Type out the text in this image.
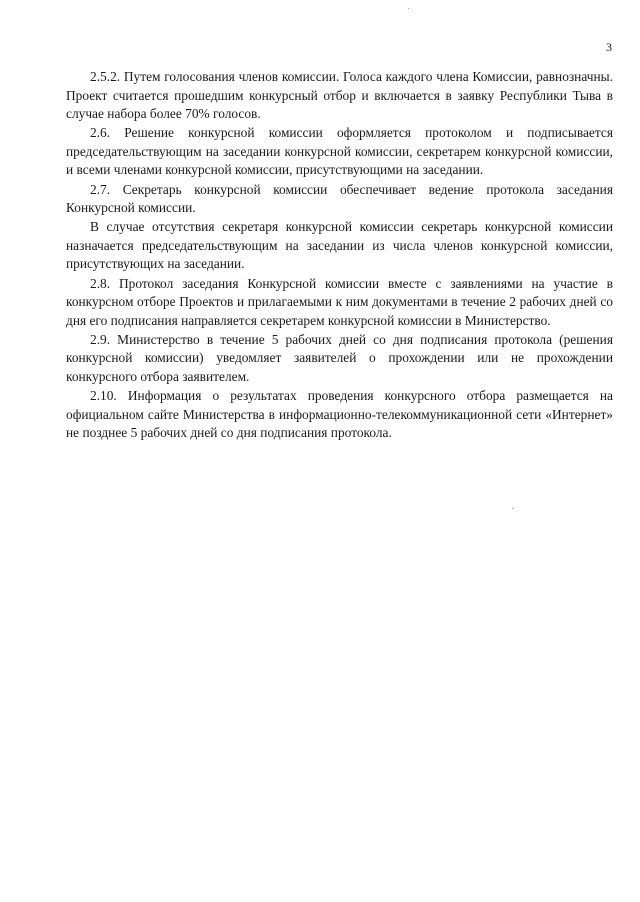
3

2.5.2. Путем голосования членов комиссии. Голоса каждого члена Комиссии, равнозначны. Проект считается прошедшим конкурсный отбор и включается в заявку Республики Тыва в случае набора более 70% голосов.

2.6. Решение конкурсной комиссии оформляется протоколом и подписывается председательствующим на заседании конкурсной комиссии, секретарем конкурсной комиссии, и всеми членами конкурсной комиссии, присутствующими на заседании.

2.7. Секретарь конкурсной комиссии обеспечивает ведение протокола заседания Конкурсной комиссии.

В случае отсутствия секретаря конкурсной комиссии секретарь конкурсной комиссии назначается председательствующим на заседании из числа членов конкурсной комиссии, присутствующих на заседании.

2.8. Протокол заседания Конкурсной комиссии вместе с заявлениями на участие в конкурсном отборе Проектов и прилагаемыми к ним документами в течение 2 рабочих дней со дня его подписания направляется секретарем конкурсной комиссии в Министерство.

2.9. Министерство в течение 5 рабочих дней со дня подписания протокола (решения конкурсной комиссии) уведомляет заявителей о прохождении или не прохождении конкурсного отбора заявителем.

2.10. Информация о результатах проведения конкурсного отбора размещается на официальном сайте Министерства в информационно-телекоммуникационной сети «Интернет» не позднее 5 рабочих дней со дня подписания протокола.
